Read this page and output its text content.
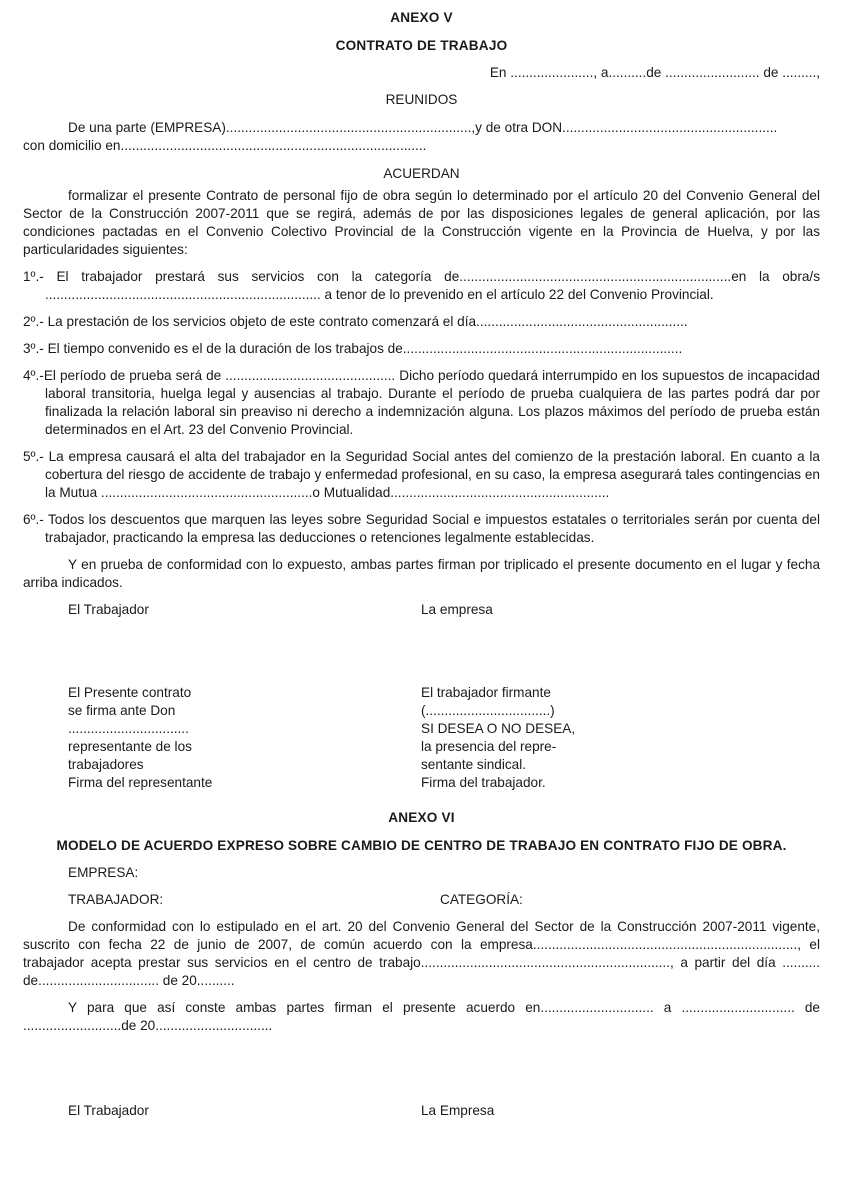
ANEXO V

CONTRATO DE TRABAJO

En ......................, a..........de ......................... de .........,

REUNIDOS

De una parte (EMPRESA).................................................................,y de otra DON.........................................................

con domicilio en.................................................................................

ACUERDAN

formalizar el presente Contrato de personal fijo de obra según lo determinado por el artículo 20 del Convenio General del Sector de la Construcción 2007-2011 que se regirá, además de por las disposiciones legales de general aplicación, por las condiciones pactadas en el Convenio Colectivo Provincial de la Construcción vigente en la Provincia de Huelva, y por las particularidades siguientes:

1º.- El trabajador prestará sus servicios con la categoría de........................................................................en la obra/s ......................................................................... a tenor de lo prevenido en el artículo 22 del Convenio Provincial.

2º.- La prestación de los servicios objeto de este contrato comenzará el día........................................................

3º.- El tiempo convenido es el de la duración de los trabajos de..........................................................................

4º.-El período de prueba será de ............................................. Dicho período quedará interrumpido en los supuestos de incapacidad laboral transitoria, huelga legal y ausencias al trabajo. Durante el período de prueba cualquiera de las partes podrá dar por finalizada la relación laboral sin preaviso ni derecho a indemnización alguna. Los plazos máximos del período de prueba están determinados en el Art. 23 del Convenio Provincial.

5º.- La empresa causará el alta del trabajador en la Seguridad Social antes del comienzo de la prestación laboral. En cuanto a la cobertura del riesgo de accidente de trabajo y enfermedad profesional, en su caso, la empresa asegurará tales contingencias en la Mutua ........................................................o Mutualidad..........................................................

6º.- Todos los descuentos que marquen las leyes sobre Seguridad Social e impuestos estatales o territoriales serán por cuenta del trabajador, practicando la empresa las deducciones o retenciones legalmente establecidas.

Y en prueba de conformidad con lo expuesto, ambas partes firman por triplicado el presente documento en el lugar y fecha arriba indicados.

El Trabajador	La empresa
El Presente contrato
se firma ante Don
................................
representante de los
trabajadores
Firma del representante
El trabajador firmante
(.................................)
SI DESEA O NO DESEA,
la presencia del repre-
sentante sindical.
Firma del trabajador.

ANEXO VI

MODELO DE ACUERDO EXPRESO SOBRE CAMBIO DE CENTRO DE TRABAJO EN CONTRATO FIJO DE OBRA.

EMPRESA:

TRABAJADOR:	CATEGORÍA:

De conformidad con lo estipulado en el art. 20 del Convenio General del Sector de la Construcción 2007-2011 vigente, suscrito con fecha 22 de junio de 2007, de común acuerdo con la empresa......................................................................, el trabajador acepta prestar sus servicios en el centro de trabajo.................................................................., a partir del día .......... de................................ de 20..........

Y para que así conste ambas partes firman el presente acuerdo en.............................. a .............................. de ..........................de 20...............................

El Trabajador	La Empresa
